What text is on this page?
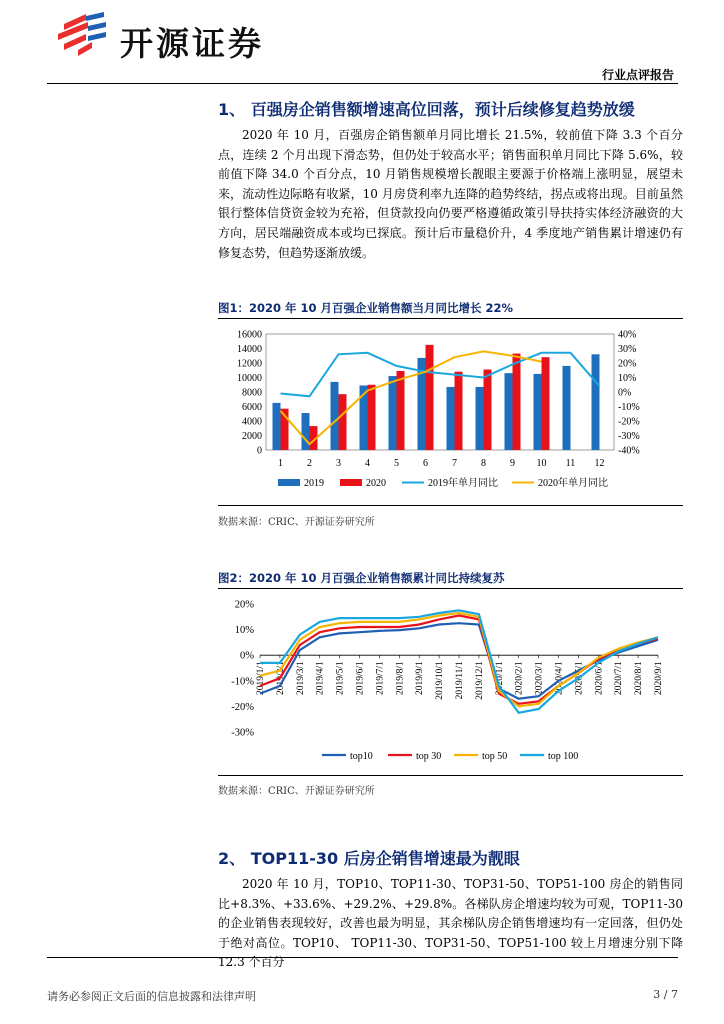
开源证券
行业点评报告
1、 百强房企销售额增速高位回落，预计后续修复趋势放缓

2020 年 10 月，百强房企销售额单月同比增长 21.5%，较前值下降 3.3 个百分点，连续 2 个月出现下滑态势，但仍处于较高水平；销售面积单月同比下降 5.6%，较前值下降 34.0 个百分点，10 月销售规模增长靓眼主要源于价格端上涨明显，展望未来，流动性边际略有收紧，10 月房贷利率九连降的趋势终结，拐点或将出现。目前虽然银行整体信贷资金较为充裕，但贷款投向仍要严格遵循政策引导扶持实体经济融资的大方向，居民端融资成本或均已探底。预计后市量稳价升，4 季度地产销售累计增速仍有修复态势，但趋势逐渐放缓。

图1：2020 年 10 月百强企业销售额当月同比增长 22%
0
2000
4000
6000
8000
10000
12000
14000
16000
-40%
-30%
-20%
-10%
0%
10%
20%
30%
40%
1 2 3 4 5 6 7 8 9 10 11 12
2019	2020	2019年单月同比	2020年单月同比
数据来源：CRIC、开源证券研究所
图2：2020 年 10 月百强企业销售额累计同比持续复苏
-30%
-20%
-10%
0%
10%
20%
2019/1/1 2019/2/1 2019/3/1 2019/4/1 2019/5/1 2019/6/1 2019/7/1 2019/8/1 2019/9/1 2019/10/1 2019/11/1 2019/12/1 2020/1/1 2020/2/1 2020/3/1 2020/4/1 2020/5/1 2020/6/1 2020/7/1 2020/8/1 2020/9/1
top10	top 30	top 50	top 100
数据来源：CRIC、开源证券研究所
2、 TOP11-30 后房企销售增速最为靓眼

2020 年 10 月，TOP10、TOP11-30、TOP31-50、TOP51-100 房企的销售同比+8.3%、+33.6%、+29.2%、+29.8%。各梯队房企增速均较为可观，TOP11-30 的企业销售表现较好，改善也最为明显，其余梯队房企销售增速均有一定回落，但仍处于绝对高位。TOP10、 TOP11-30、TOP31-50、TOP51-100 较上月增速分别下降 12.3 个百分

请务必参阅正文后面的信息披露和法律声明	3 / 7
